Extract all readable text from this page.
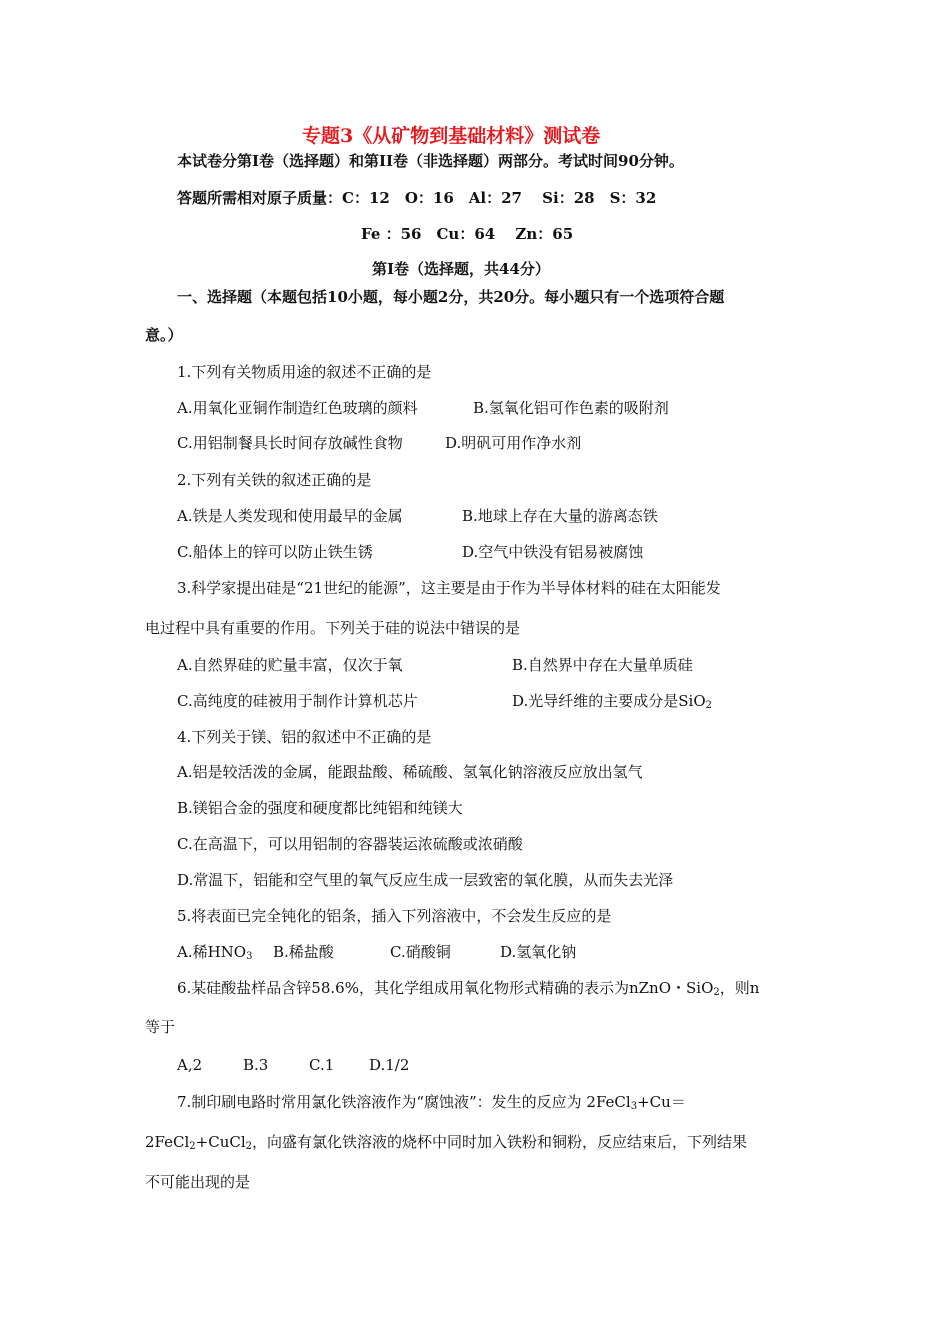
专题3《从矿物到基础材料》测试卷
本试卷分第I卷（选择题）和第II卷（非选择题）两部分。考试时间90分钟。
答题所需相对原子质量：C：12　O：16　Al：27　 Si：28　S：32
Fe ：56　Cu：64　 Zn：65
第I卷（选择题，共44分）
一、选择题（本题包括10小题，每小题2分，共20分。每小题只有一个选项符合题
意。）
1.下列有关物质用途的叙述不正确的是
A.用氧化亚铜作制造红色玻璃的颜料	B.氢氧化铝可作色素的吸附剂
C.用铝制餐具长时间存放碱性食物	D.明矾可用作净水剂
2.下列有关铁的叙述正确的是
A.铁是人类发现和使用最早的金属	B.地球上存在大量的游离态铁
C.船体上的锌可以防止铁生锈	D.空气中铁没有铝易被腐蚀
3.科学家提出硅是“21世纪的能源”，这主要是由于作为半导体材料的硅在太阳能发
电过程中具有重要的作用。下列关于硅的说法中错误的是
A.自然界硅的贮量丰富，仅次于氧	B.自然界中存在大量单质硅
C.高纯度的硅被用于制作计算机芯片	D.光导纤维的主要成分是SiO$_2$
4.下列关于镁、铝的叙述中不正确的是
A.铝是较活泼的金属，能跟盐酸、稀硫酸、氢氧化钠溶液反应放出氢气
B.镁铝合金的强度和硬度都比纯铝和纯镁大
C.在高温下，可以用铝制的容器装运浓硫酸或浓硝酸
D.常温下，铝能和空气里的氧气反应生成一层致密的氧化膜，从而失去光泽
5.将表面已完全钝化的铝条，插入下列溶液中，不会发生反应的是
A.稀$HNO_3$ B.稀盐酸	C.硝酸铜	D.氢氧化钠
6.某硅酸盐样品含锌58.6%，其化学组成用氧化物形式精确的表示为nZnO・SiO$_2$，则n
等于
A,2	B.3	C.1 D.1/2
7.制印刷电路时常用氯化铁溶液作为“腐蚀液”：发生的反应为 2FeCl$_3$+Cu＝
2FeCl$_2$+CuCl$_2$，向盛有氯化铁溶液的烧杯中同时加入铁粉和铜粉，反应结束后，下列结果
不可能出现的是
